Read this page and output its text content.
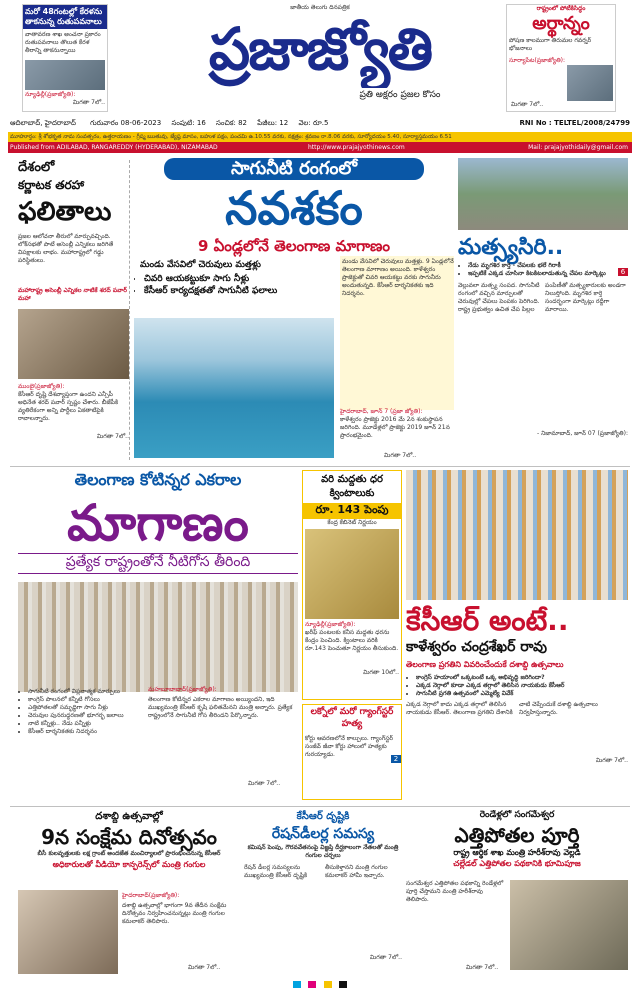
మరో 48గంటల్లో కేరళను తాకనున్న రుతుపవనాలు
వాతావరణ శాఖ అంచనా ప్రకారం రుతుపవనాలు తొలుత కేరళ తీరాన్ని తాకనున్నాయి
న్యూఢిల్లీ(ప్రజాజ్యోతి):
మిగతా 7లో..
జాతీయ తెలుగు దినపత్రిక
ప్రజాజ్యోతి
ప్రతి అక్షరం ప్రజల కోసం
రాష్ట్రంలో పోటీకిసిద్ధం
అర్థాన్నం
పోషణ కాలముగా తిరుమల గవర్నర్ భోజనాలు
సూర్యాపేట(ప్రజాజ్యోతి):
మిగతా 7లో..
ఆదిలాబాద్, హైదరాబాద్ గురువారం 08-06-2023 సంపుటి: 16 సంచిక: 82 పేజీలు: 12 వెల: రూ.5	RNI No : TELTEL/2008/24799
మూహూర్తం: శ్రీ శోభకృత నామ సంవత్సరం, ఉత్తరాయణం - గ్రీష్మ ఋతువు, జ్యేష్ఠ మాసం, బహుళ పక్షం, పంచమి ఉ.10.55 వరకు, నక్షత్రం: శ్రవణం రా.8.06 వరకు, సూర్యోదయం 5.40, సూర్యాస్తమయం 6.51
Published from ADILABAD, RANGAREDDY (HYDERABAD), NIZAMABAD	http://www.prajajyothinews.com	Mail: prajajyothidaily@gmail.com
దేశంలో
కర్ణాటక తరహా
ఫలితాలు
ప్రజల ఆలోచనా తీరులో మార్పువచ్చింది. లోక్‌సభతో పాటే అసెంబ్లీ ఎన్నికలు జరిగితే విపక్షాలకు లాభం. మహారాష్ట్రలో గడ్డు పరిస్థితులు.
మహారాష్ట్ర అసెంబ్లీ ఎన్నికల నాటికే శరద్ పవార్ మహా
ముంబై(ప్రజాజ్యోతి):
కేసీఆర్ దృష్టి దేశవ్యాప్తంగా ఉందని ఎన్సీపీ అధినేత శరద్ పవార్ స్పష్టం చేశారు. బీజేపీకి వ్యతిరేకంగా అన్ని పార్టీలు ఏకతాటిపైకి రావాలన్నారు.
మిగతా 7లో..
సాగునీటి రంగంలో
నవశకం
9 ఏండ్లలోనే తెలంగాణ మాగాణం
మండు వేసవిలో చెరువులు మత్తళ్లు
• చివరి ఆయకట్టుకూ సాగు నీళ్లు
• కేసీఆర్ కార్యదక్షతతో సాగునీటి ఫలాలు
మండు వేసవిలో చెరువులు మత్తళ్లు. 9 ఏండ్లలోనే తెలంగాణ మాగాణం అయింది. కాళేశ్వరం ప్రాజెక్టుతో చివరి ఆయకట్టు వరకు సాగునీరు అందుతున్నది. కేసీఆర్ దార్శనికతకు ఇది నిదర్శనం.
హైదరాబాద్, జూన్ 7 (ప్రజా జ్యోతి):
కాళేశ్వరం ప్రాజెక్టు 2016 మే 2న శంకుస్థాపన జరిగింది. మూడేళ్లలో ప్రాజెక్టు 2019 జూన్ 21న ప్రారంభమైంది.
మిగతా 7లో..
మత్స్యసిరి..
• నేడు మృగశిర కార్తె - చేపలకు భలే గిరాకీ
• ఇప్పటికే ఎక్కడ చూసినా కిటకిటలాడుతున్న చేపల మార్కెట్లు
వెల్లువలా మత్స్య సంపద. సాగునీటి రంగంలో వచ్చిన మార్పులతో చెరువుల్లో చేపలు పెంపకం పెరిగింది. రాష్ట్ర ప్రభుత్వం ఉచిత చేప పిల్లల పంపిణీతో మత్స్యకారులకు అండగా నిలుస్తోంది. మృగశిర కార్తె సందర్భంగా మార్కెట్లు రద్దీగా మారాయి.
- నిజామాబాద్, జూన్ 07 (ప్రజాజ్యోతి):
6
తెలంగాణ కోటిన్నర ఎకరాల
మాగాణం
ప్రత్యేక రాష్ట్రంతోనే నీటిగోస తీరింది
• సాగునీటి రంగంలో విప్లవాత్మక మార్పులు
• కాంగ్రెస్ పాలనలో కన్నీటి గోసలు
• ఎత్తిపోతలతో సమృద్ధిగా సాగు నీళ్లు
• చెరువుల పునరుద్ధరణతో భూగర్భ జలాలు
• నాటి కన్నీళ్లు.. నేడు పన్నీళ్లు
• కేసీఆర్ దార్శనికతకు నిదర్శనం
మహబూబాబాద్(ప్రజాజ్యోతి):
తెలంగాణ కోటిన్నర ఎకరాల మాగాణం అయ్యిందని, ఇది ముఖ్యమంత్రి కేసీఆర్ కృషి ఫలితమేనని మంత్రి అన్నారు. ప్రత్యేక రాష్ట్రంలోనే సాగునీటి గోస తీరిందని పేర్కొన్నారు.
మిగతా 7లో..
వరి మద్దతు ధర క్వింటాలుకు
రూ. 143 పెంపు
కేంద్ర కేబినెట్ నిర్ణయం
న్యూఢిల్లీ(ప్రజాజ్యోతి):
ఖరీఫ్ పంటలకు కనీస మద్దతు ధరను కేంద్రం పెంచింది. క్వింటాలు వరికి రూ.143 పెంచుతూ నిర్ణయం తీసుకుంది.
మిగతా 10లో..
లక్నోలో మరో గ్యాంగ్‌స్టర్ హత్య
కోర్టు ఆవరణలోనే కాల్పులు. గ్యాంగ్‌స్టర్ సంజీవ్ జీవా కోర్టు హాలులో హత్యకు గురయ్యాడు.
2
కేసీఆర్ అంటే..
కాళేశ్వరం చంద్రశేఖర్ రావు
తెలంగాణ ప్రగతిని వివరించేందుకే దశాబ్ది ఉత్సవాలు
• కాంగ్రెస్ హయాంలో ఒక్కటంటే ఒక్క అభివృద్ధి జరిగిందా?
• ఎక్కడ నెగ్గాలో కూడా ఎక్కడ తగ్గాలో తెలిసిన నాయకుడు కేసీఆర్
• సాగునీటి ప్రగతి ఉత్సవంలో ఎమ్మెల్యే వివేక్
ఎక్కడ నెగ్గాలో కాదు ఎక్కడ తగ్గాలో తెలిసిన నాయకుడు కేసీఆర్. తెలంగాణ ప్రగతిని దేశానికి చాటి చెప్పేందుకే దశాబ్ది ఉత్సవాలు నిర్వహిస్తున్నారు.
మిగతా 7లో..
దశాబ్ది ఉత్సవాల్లో
9న సంక్షేమ దినోత్సవం
బీసీ కులవృత్తులకు లక్ష గ్రాంట్ అందజేత మంచిర్యాలలో ప్రారంభించనున్న కేసీఆర్
అధికారులతో వీడియో కాన్ఫరెన్స్‌లో మంత్రి గంగుల
హైదరాబాద్(ప్రజాజ్యోతి):
దశాబ్ది ఉత్సవాల్లో భాగంగా 9వ తేదీన సంక్షేమ దినోత్సవం నిర్వహించనున్నట్లు మంత్రి గంగుల కమలాకర్ తెలిపారు.
మిగతా 7లో..
కేసీఆర్ దృష్టికి
రేషన్‌డీలర్ల సమస్య
కమిషన్ పెంపు, గౌరవవేతనంపై విజ్ఞప్తి దీర్ఘకాలంగా నేతలతో మంత్రి గంగుల చర్చలు
రేషన్ డీలర్ల సమస్యలను ముఖ్యమంత్రి కేసీఆర్ దృష్టికి తీసుకెళ్తానని మంత్రి గంగుల కమలాకర్ హామీ ఇచ్చారు.
మిగతా 7లో..
రెండేళ్లలో సంగమేశ్వర
ఎత్తిపోతల పూర్తి
రాష్ట్ర ఆర్థిక శాఖ మంత్రి హరీశ్‌రావు వెల్లడి
చల్లేడల్ ఎత్తిపోతల పథకానికి భూమిపూజ
సంగమేశ్వర ఎత్తిపోతల పథకాన్ని రెండేళ్లలో పూర్తి చేస్తామని మంత్రి హరీశ్‌రావు తెలిపారు.
మిగతా 7లో..
